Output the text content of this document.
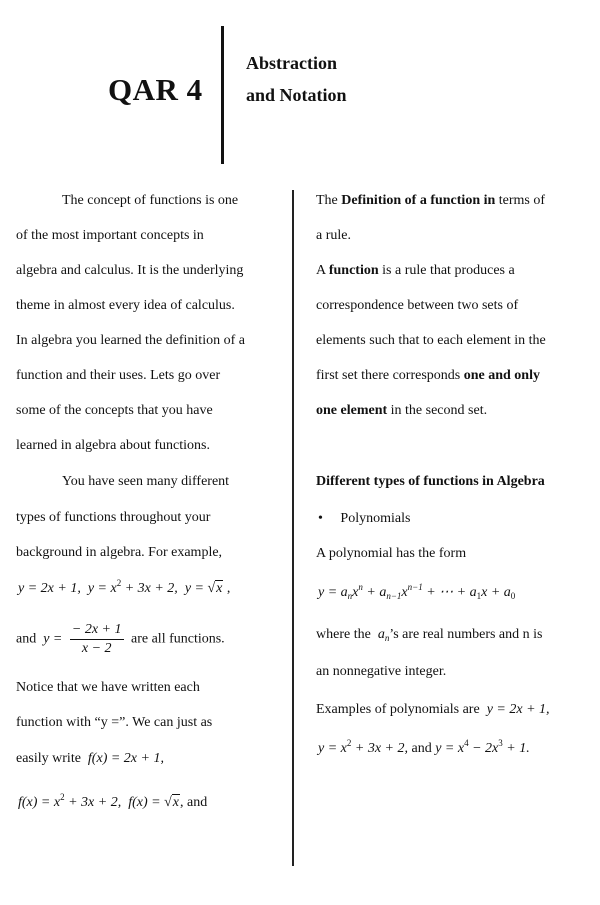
QAR 4
Abstraction
and Notation
The concept of functions is one
of the most important concepts in
algebra and calculus. It is the underlying
theme in almost every idea of calculus.
In algebra you learned the definition of a
function and their uses. Lets go over
some of the concepts that you have
learned in algebra about functions.
You have seen many different
types of functions throughout your
background in algebra. For example,
y = 2x + 1, $y = x^2 + 3x + 2$, y = √x ,
and $y = \frac{- 2x + 1}{x - 2}$ are all functions.
Notice that we have written each
function with “y =”. We can just as
easily write f(x) = 2x + 1,
$f(x) = x^2 + 3x + 2$, f(x) = √x, and
The Definition of a function in terms of
a rule.
A function is a rule that produces a
correspondence between two sets of
elements such that to each element in the
first set there corresponds one and only
one element in the second set.
Different types of functions in Algebra
• Polynomials
A polynomial has the form
$y = a_nx^n + a_{n-1}x^{n-1}$ + ⋯ + $a_1x + a_0$
where the  $a_n’s$ are real numbers and n is
an nonnegative integer.
Examples of polynomials are y = 2x + 1,
$y = x^2 + 3x + 2$, and $y = x^4 - 2x^3 + 1$.
